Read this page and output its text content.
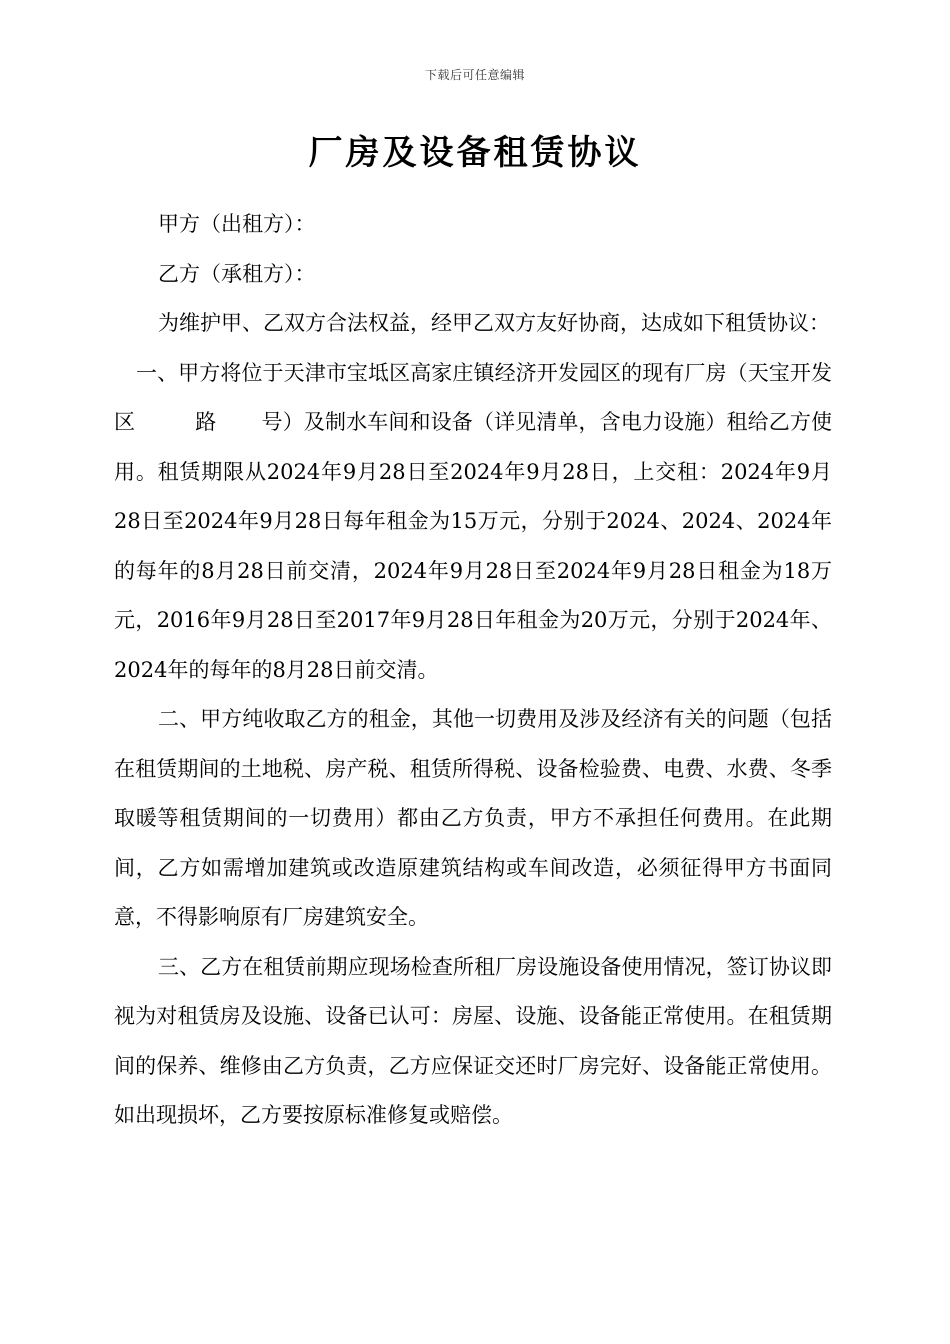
下载后可任意编辑
厂房及设备租赁协议

甲方（出租方）：

乙方（承租方）：

为维护甲、乙双方合法权益，经甲乙双方友好协商，达成如下租赁协议：

一、甲方将位于天津市宝坻区高家庄镇经济开发园区的现有厂房（天宝开发区	路 号）及制水车间和设备（详见清单，含电力设施）租给乙方使用。租赁期限从2024年9月28日至2024年9月28日，上交租：2024年9月28日至2024年9月28日每年租金为15万元，分别于2024、2024、2024年的每年的8月28日前交清，2024年9月28日至2024年9月28日租金为18万元，2016年9月28日至2017年9月28日年租金为20万元，分别于2024年、2024年的每年的8月28日前交清。

二、甲方纯收取乙方的租金，其他一切费用及涉及经济有关的问题（包括在租赁期间的土地税、房产税、租赁所得税、设备检验费、电费、水费、冬季取暖等租赁期间的一切费用）都由乙方负责，甲方不承担任何费用。在此期间，乙方如需增加建筑或改造原建筑结构或车间改造，必须征得甲方书面同意，不得影响原有厂房建筑安全。

三、乙方在租赁前期应现场检查所租厂房设施设备使用情况，签订协议即视为对租赁房及设施、设备已认可：房屋、设施、设备能正常使用。在租赁期间的保养、维修由乙方负责，乙方应保证交还时厂房完好、设备能正常使用。如出现损坏，乙方要按原标准修复或赔偿。
